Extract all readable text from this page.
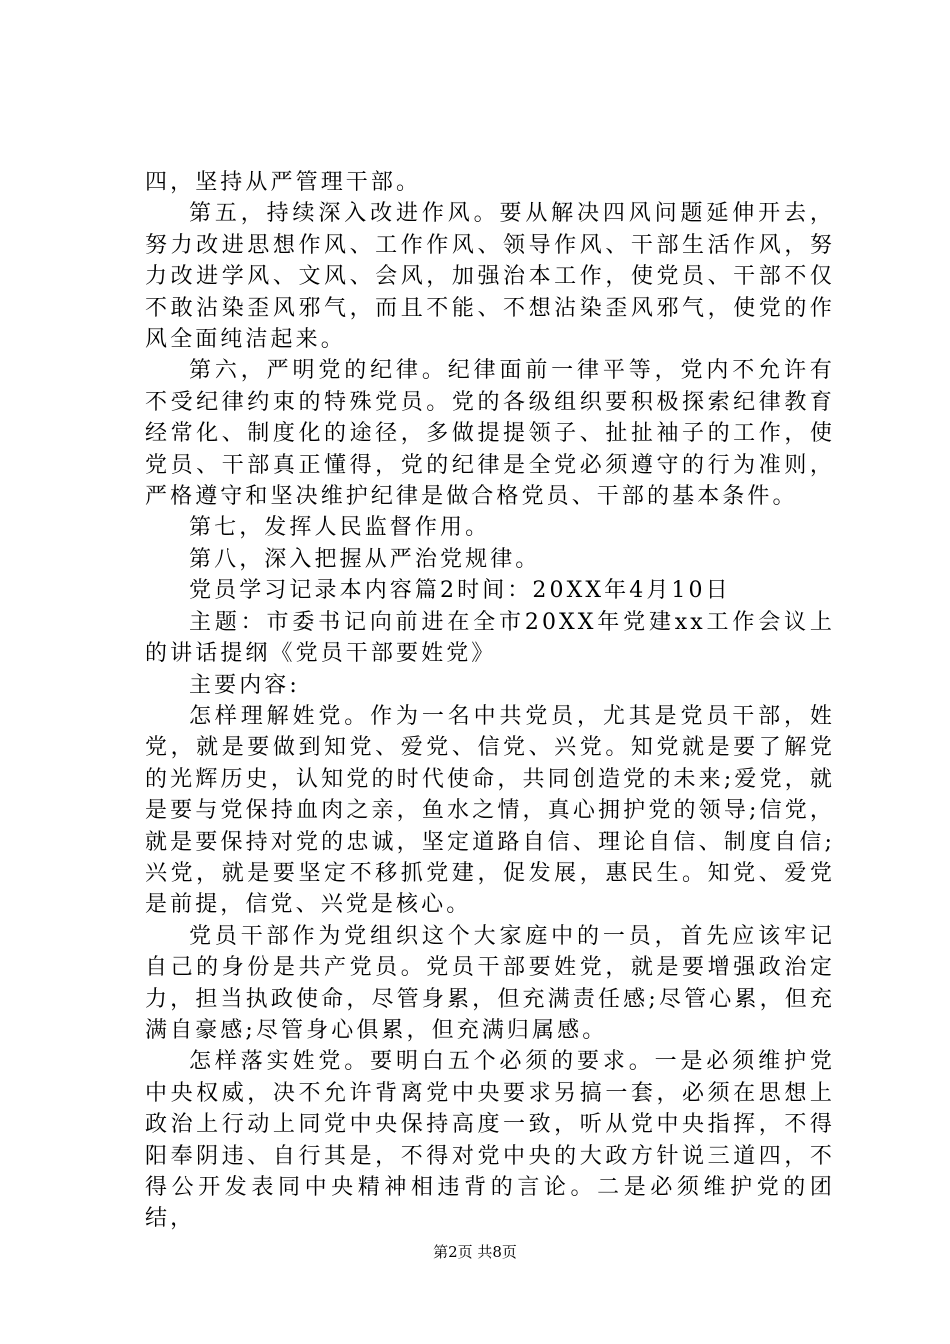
四，坚持从严管理干部。

第五，持续深入改进作风。要从解决四风问题延伸开去，努力改进思想作风、工作作风、领导作风、干部生活作风，努力改进学风、文风、会风，加强治本工作，使党员、干部不仅不敢沾染歪风邪气，而且不能、不想沾染歪风邪气，使党的作风全面纯洁起来。

第六，严明党的纪律。纪律面前一律平等，党内不允许有不受纪律约束的特殊党员。党的各级组织要积极探索纪律教育经常化、制度化的途径，多做提提领子、扯扯袖子的工作，使党员、干部真正懂得，党的纪律是全党必须遵守的行为准则，严格遵守和坚决维护纪律是做合格党员、干部的基本条件。

第七，发挥人民监督作用。

第八，深入把握从严治党规律。

党员学习记录本内容篇2时间：20XX年4月10日

主题：市委书记向前进在全市20XX年党建xx工作会议上的讲话提纲《党员干部要姓党》

主要内容:

怎样理解姓党。作为一名中共党员，尤其是党员干部，姓党，就是要做到知党、爱党、信党、兴党。知党就是要了解党的光辉历史，认知党的时代使命，共同创造党的未来;爱党，就是要与党保持血肉之亲，鱼水之情，真心拥护党的领导;信党，就是要保持对党的忠诚，坚定道路自信、理论自信、制度自信;兴党，就是要坚定不移抓党建，促发展，惠民生。知党、爱党是前提，信党、兴党是核心。

党员干部作为党组织这个大家庭中的一员，首先应该牢记自己的身份是共产党员。党员干部要姓党，就是要增强政治定力，担当执政使命，尽管身累，但充满责任感;尽管心累，但充满自豪感;尽管身心俱累，但充满归属感。

怎样落实姓党。要明白五个必须的要求。一是必须维护党中央权威，决不允许背离党中央要求另搞一套，必须在思想上政治上行动上同党中央保持高度一致，听从党中央指挥，不得阳奉阴违、自行其是，不得对党中央的大政方针说三道四，不得公开发表同中央精神相违背的言论。二是必须维护党的团结，

第2页 共8页
